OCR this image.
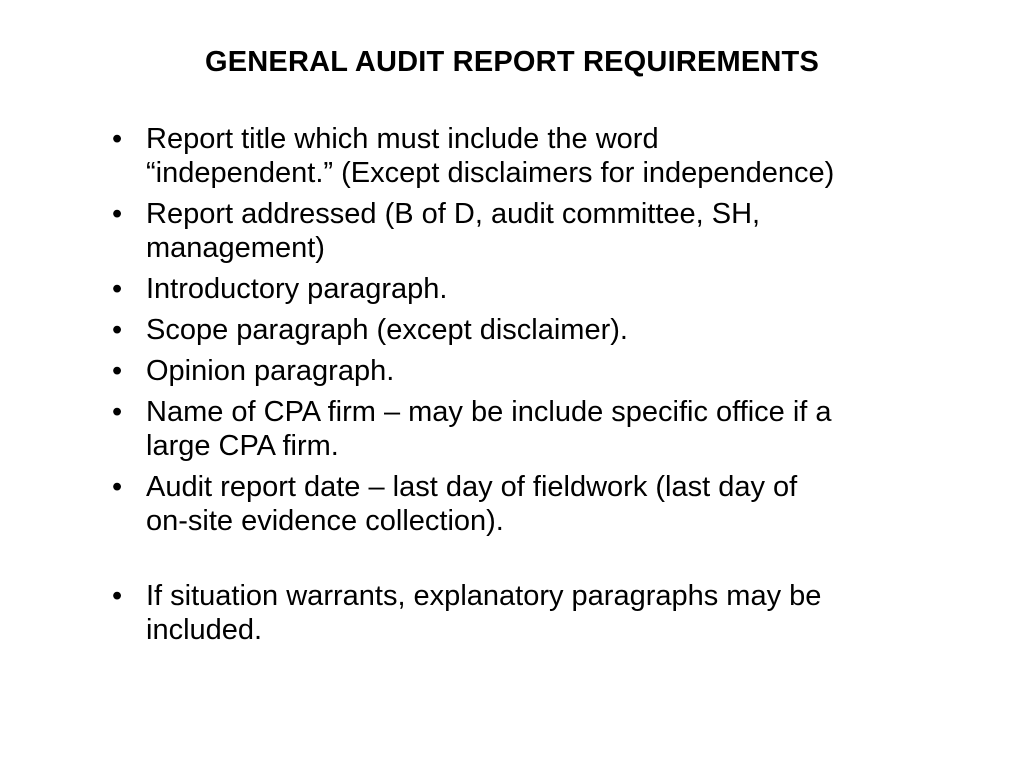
GENERAL AUDIT REPORT REQUIREMENTS
• Report title which must include the word
“independent.” (Except disclaimers for independence)
• Report addressed (B of D, audit committee, SH,
management)
• Introductory paragraph.
• Scope paragraph (except disclaimer).
• Opinion paragraph.
• Name of CPA firm – may be include specific office if a
large CPA firm.
• Audit report date – last day of fieldwork (last day of
on-site evidence collection).
• If situation warrants, explanatory paragraphs may be
included.
